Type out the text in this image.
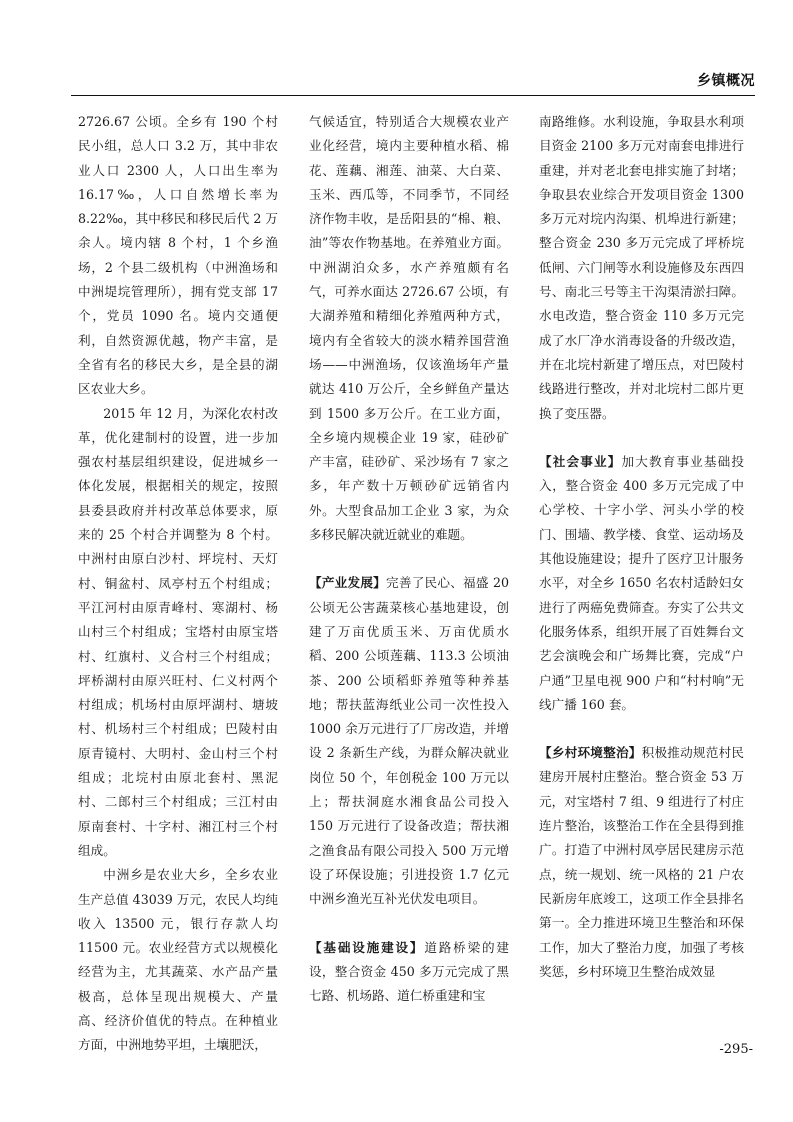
乡镇概况

2726.67 公顷。全乡有 190 个村民小组，总人口 3.2 万，其中非农业人口 2300 人，人口出生率为 16.17‰，人口自然增长率为 8.22‰，其中移民和移民后代 2 万余人。境内辖 8 个村，1 个乡渔场，2 个县二级机构（中洲渔场和中洲堤垸管理所），拥有党支部 17 个，党员 1090 名。境内交通便利，自然资源优越，物产丰富，是全省有名的移民大乡，是全县的湖区农业大乡。

2015 年 12 月，为深化农村改革，优化建制村的设置，进一步加强农村基层组织建设，促进城乡一体化发展，根据相关的规定，按照县委县政府并村改革总体要求，原来的 25 个村合并调整为 8 个村。中洲村由原白沙村、坪垸村、天灯村、铜盆村、凤亭村五个村组成；平江河村由原青峰村、寒湖村、杨山村三个村组成；宝塔村由原宝塔村、红旗村、义合村三个村组成；坪桥湖村由原兴旺村、仁义村两个村组成；机场村由原坪湖村、塘坡村、机场村三个村组成；巴陵村由原青镜村、大明村、金山村三个村组成；北垸村由原北套村、黑泥村、二郎村三个村组成；三江村由原南套村、十字村、湘江村三个村组成。

中洲乡是农业大乡，全乡农业生产总值 43039 万元，农民人均纯收入 13500 元，银行存款人均 11500 元。农业经营方式以规模化经营为主，尤其蔬菜、水产品产量极高，总体呈现出规模大、产量高、经济价值优的特点。在种植业方面，中洲地势平坦，土壤肥沃，

气候适宜，特别适合大规模农业产业化经营，境内主要种植水稻、棉花、莲藕、湘莲、油菜、大白菜、玉米、西瓜等，不同季节，不同经济作物丰收，是岳阳县的“棉、粮、油”等农作物基地。在养殖业方面。中洲湖泊众多，水产养殖颇有名气，可养水面达 2726.67 公顷，有大湖养殖和精细化养殖两种方式，境内有全省较大的淡水精养国营渔场——中洲渔场，仅该渔场年产量就达 410 万公斤，全乡鲜鱼产量达到 1500 多万公斤。在工业方面，全乡境内规模企业 19 家，硅砂矿产丰富，硅砂矿、采沙场有 7 家之多，年产数十万顿砂矿远销省内外。大型食品加工企业 3 家，为众多移民解决就近就业的难题。

【产业发展】完善了民心、福盛 20 公顷无公害蔬菜核心基地建设，创建了万亩优质玉米、万亩优质水稻、200 公顷莲藕、113.3 公顷油茶、200 公顷稻虾养殖等种养基地；帮扶蓝海纸业公司一次性投入 1000 余万元进行了厂房改造，并增设 2 条新生产线，为群众解决就业岗位 50 个，年创税金 100 万元以上；帮扶洞庭水湘食品公司投入 150 万元进行了设备改造；帮扶湘之渔食品有限公司投入 500 万元增设了环保设施；引进投资 1.7 亿元中洲乡渔光互补光伏发电项目。

【基础设施建设】道路桥梁的建设，整合资金 450 多万元完成了黑七路、机场路、道仁桥重建和宝

南路维修。水利设施，争取县水利项目资金 2100 多万元对南套电排进行重建，并对老北套电排实施了封堵；争取县农业综合开发项目资金 1300 多万元对垸内沟渠、机埠进行新建；整合资金 230 多万元完成了坪桥垸低闸、六门闸等水利设施修及东西四号、南北三号等主干沟渠清淤扫障。水电改造，整合资金 110 多万元完成了水厂净水消毒设备的升级改造，并在北垸村新建了增压点，对巴陵村线路进行整改，并对北垸村二郎片更换了变压器。

【社会事业】加大教育事业基础投入，整合资金 400 多万元完成了中心学校、十字小学、河头小学的校门、围墙、教学楼、食堂、运动场及其他设施建设；提升了医疗卫计服务水平，对全乡 1650 名农村适龄妇女进行了两癌免费筛查。夯实了公共文化服务体系，组织开展了百姓舞台文艺会演晚会和广场舞比赛，完成“户户通”卫星电视 900 户和“村村响”无线广播 160 套。

【乡村环境整治】积极推动规范村民建房开展村庄整治。整合资金 53 万元，对宝塔村 7 组、9 组进行了村庄连片整治，该整治工作在全县得到推广。打造了中洲村凤亭居民建房示范点，统一规划、统一风格的 21 户农民新房年底竣工，这项工作全县排名第一。全力推进环境卫生整治和环保工作，加大了整治力度，加强了考核奖惩，乡村环境卫生整治成效显

-295-
